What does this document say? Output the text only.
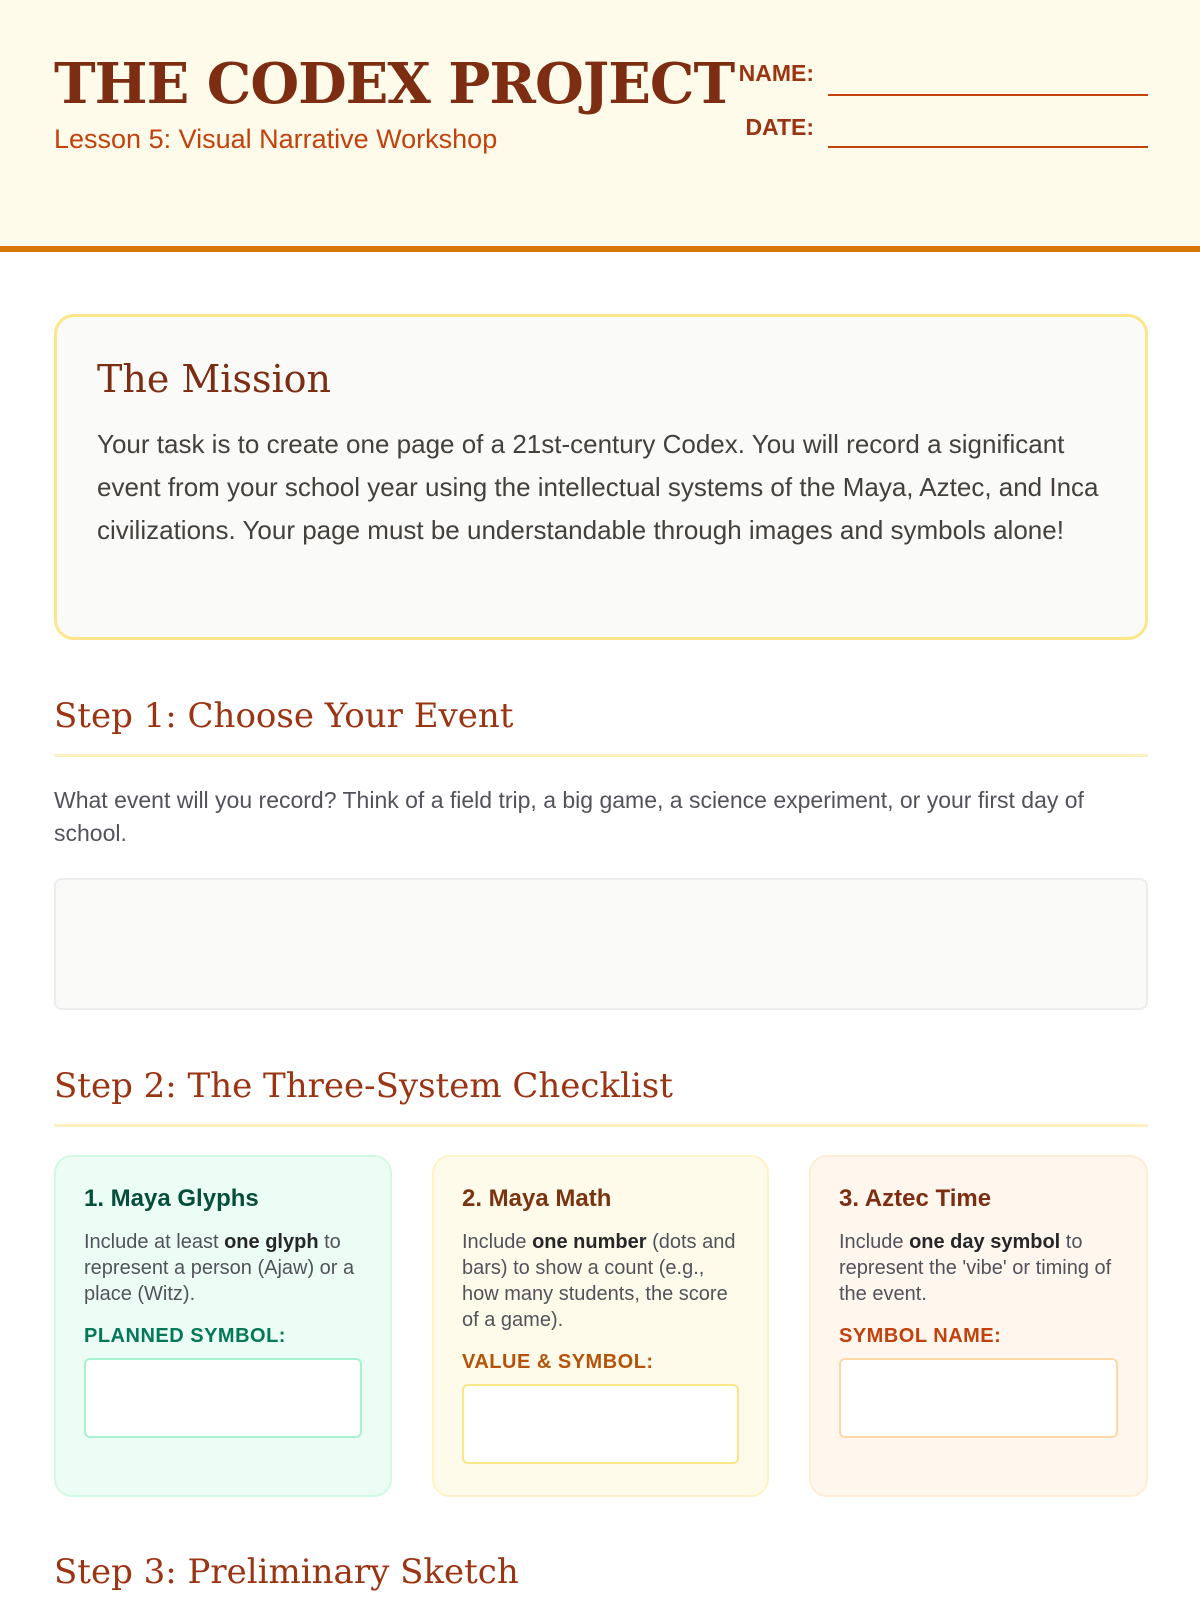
THE CODEX PROJECT
Lesson 5: Visual Narrative Workshop
NAME:
DATE:
The Mission

Your task is to create one page of a 21st-century Codex. You will record a significant event from your school year using the intellectual systems of the Maya, Aztec, and Inca civilizations. Your page must be understandable through images and symbols alone!

Step 1: Choose Your Event

What event will you record? Think of a field trip, a big game, a science experiment, or your first day of school.

Step 2: The Three-System Checklist
1. Maya Glyphs

Include at least one glyph to represent a person (Ajaw) or a place (Witz).

PLANNED SYMBOL:
2. Maya Math

Include one number (dots and bars) to show a count (e.g., how many students, the score of a game).

VALUE & SYMBOL:
3. Aztec Time

Include one day symbol to represent the 'vibe' or timing of the event.

SYMBOL NAME:
Step 3: Preliminary Sketch
